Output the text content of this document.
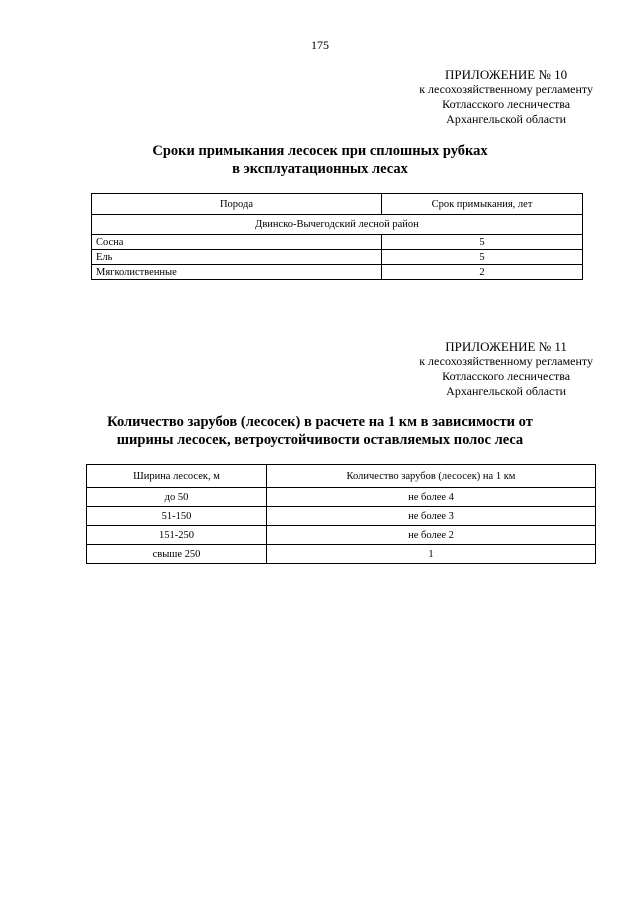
175
ПРИЛОЖЕНИЕ № 10
к лесохозяйственному регламенту
Котласского лесничества
Архангельской области
Сроки примыкания лесосек при сплошных рубках
в эксплуатационных лесах
Порода	Срок примыкания, лет
Двинско-Вычегодский лесной район	
Сосна	5
Ель	5
Мягколиственные	2
ПРИЛОЖЕНИЕ № 11
к лесохозяйственному регламенту
Котласского лесничества
Архангельской области
Количество зарубов (лесосек) в расчете на 1 км в зависимости от
ширины лесосек, ветроустойчивости оставляемых полос леса
Ширина лесосек, м	Количество зарубов (лесосек) на 1 км
до 50	не более 4
51-150	не более 3
151-250	не более 2
свыше 250	1
